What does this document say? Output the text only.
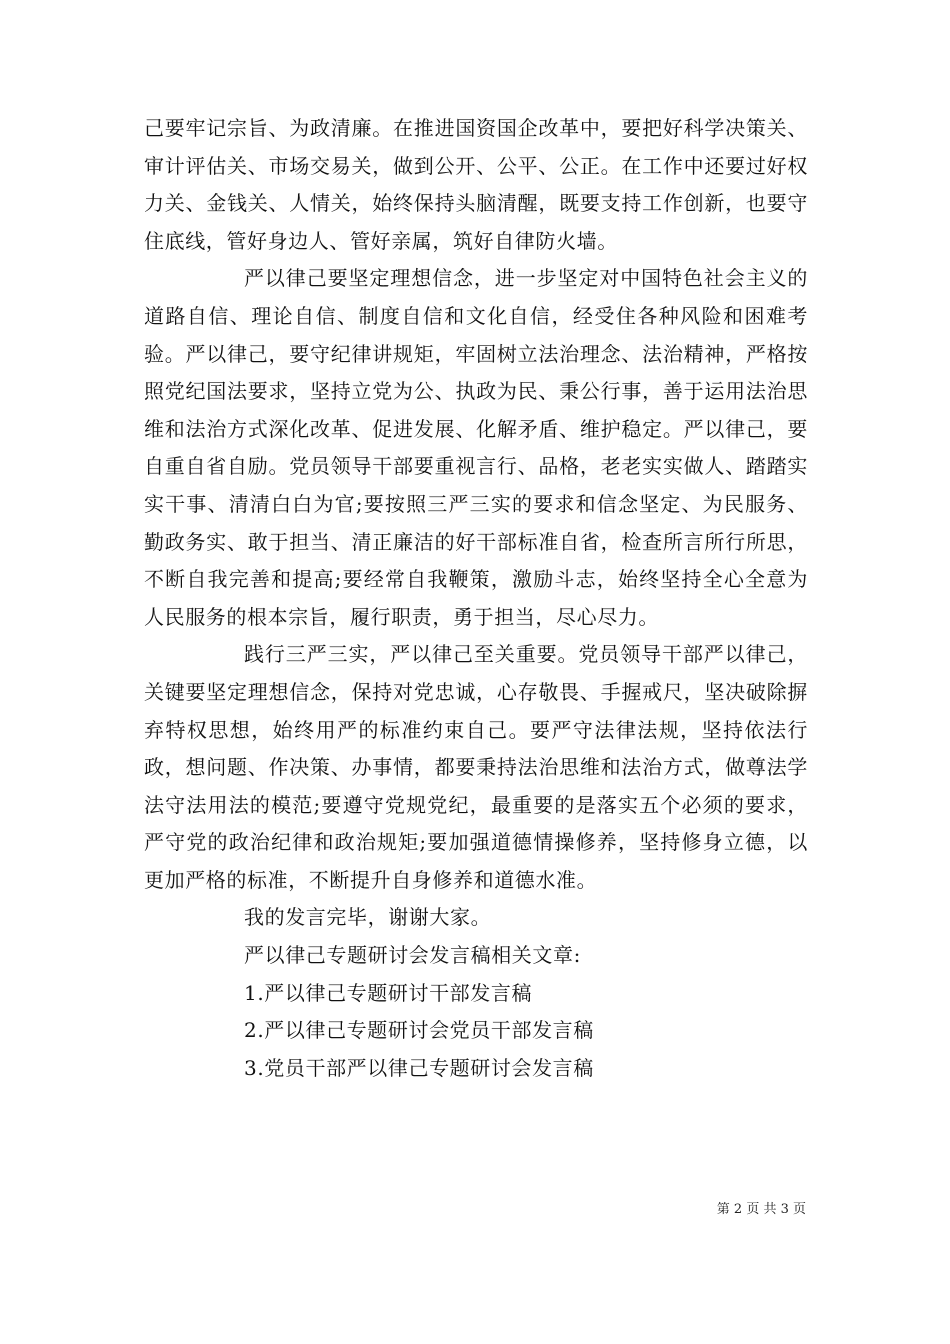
己要牢记宗旨、为政清廉。在推进国资国企改革中，要把好科学决策关、审计评估关、市场交易关，做到公开、公平、公正。在工作中还要过好权力关、金钱关、人情关，始终保持头脑清醒，既要支持工作创新，也要守住底线，管好身边人、管好亲属，筑好自律防火墙。

严以律己要坚定理想信念，进一步坚定对中国特色社会主义的道路自信、理论自信、制度自信和文化自信，经受住各种风险和困难考验。严以律己，要守纪律讲规矩，牢固树立法治理念、法治精神，严格按照党纪国法要求，坚持立党为公、执政为民、秉公行事，善于运用法治思维和法治方式深化改革、促进发展、化解矛盾、维护稳定。严以律己，要自重自省自励。党员领导干部要重视言行、品格，老老实实做人、踏踏实实干事、清清白白为官;要按照三严三实的要求和信念坚定、为民服务、勤政务实、敢于担当、清正廉洁的好干部标准自省，检查所言所行所思，不断自我完善和提高;要经常自我鞭策，激励斗志，始终坚持全心全意为人民服务的根本宗旨，履行职责，勇于担当，尽心尽力。

践行三严三实，严以律己至关重要。党员领导干部严以律己，关键要坚定理想信念，保持对党忠诚，心存敬畏、手握戒尺，坚决破除摒弃特权思想，始终用严的标准约束自己。要严守法律法规，坚持依法行政，想问题、作决策、办事情，都要秉持法治思维和法治方式，做尊法学法守法用法的模范;要遵守党规党纪，最重要的是落实五个必须的要求，严守党的政治纪律和政治规矩;要加强道德情操修养，坚持修身立德，以更加严格的标准，不断提升自身修养和道德水准。

我的发言完毕，谢谢大家。

严以律己专题研讨会发言稿相关文章:

1.严以律己专题研讨干部发言稿

2.严以律己专题研讨会党员干部发言稿

3.党员干部严以律己专题研讨会发言稿

第 2 页 共 3 页
